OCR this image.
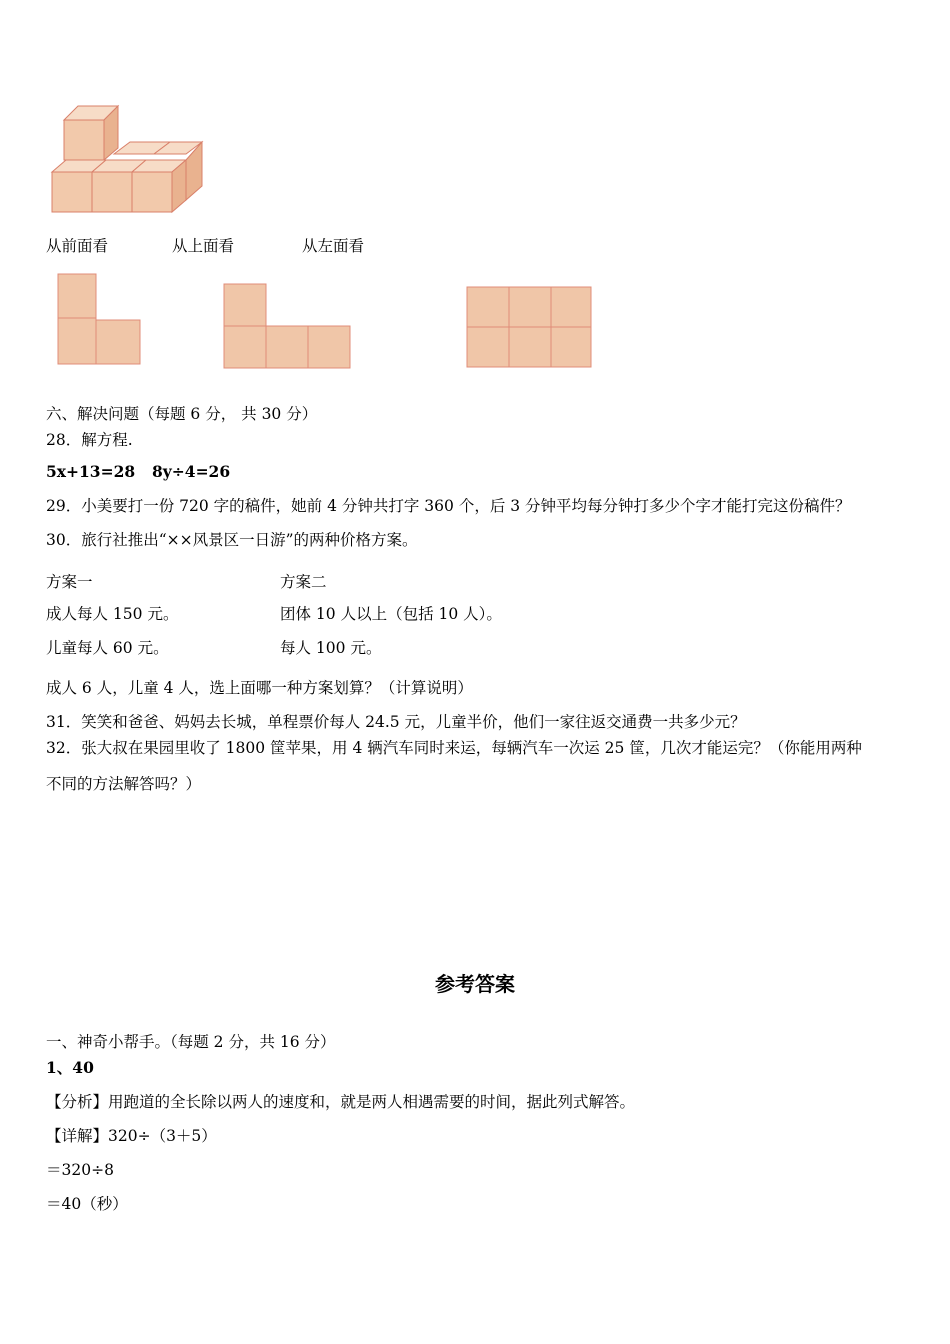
从前面看	从上面看	从左面看
六、解决问题（每题 6 分， 共 30 分）
28．解方程.
5x+13=28 8y÷4=26
29．小美要打一份 720 字的稿件，她前 4 分钟共打字 360 个，后 3 分钟平均每分钟打多少个字才能打完这份稿件？
30．旅行社推出“××风景区一日游”的两种价格方案。
方案一	方案二
成人每人 150 元。	团体 10 人以上（包括 10 人）。
儿童每人 60 元。	每人 100 元。
成人 6 人，儿童 4 人，选上面哪一种方案划算？（计算说明）
31．笑笑和爸爸、妈妈去长城，单程票价每人 24.5 元，儿童半价，他们一家往返交通费一共多少元？
32．张大叔在果园里收了 1800 筐苹果，用 4 辆汽车同时来运，每辆汽车一次运 25 筐，几次才能运完？（你能用两种
不同的方法解答吗？）
参考答案
一、神奇小帮手。（每题 2 分，共 16 分）
1、40
【分析】用跑道的全长除以两人的速度和，就是两人相遇需要的时间，据此列式解答。
【详解】320÷（3＋5）
＝320÷8
＝40（秒）
